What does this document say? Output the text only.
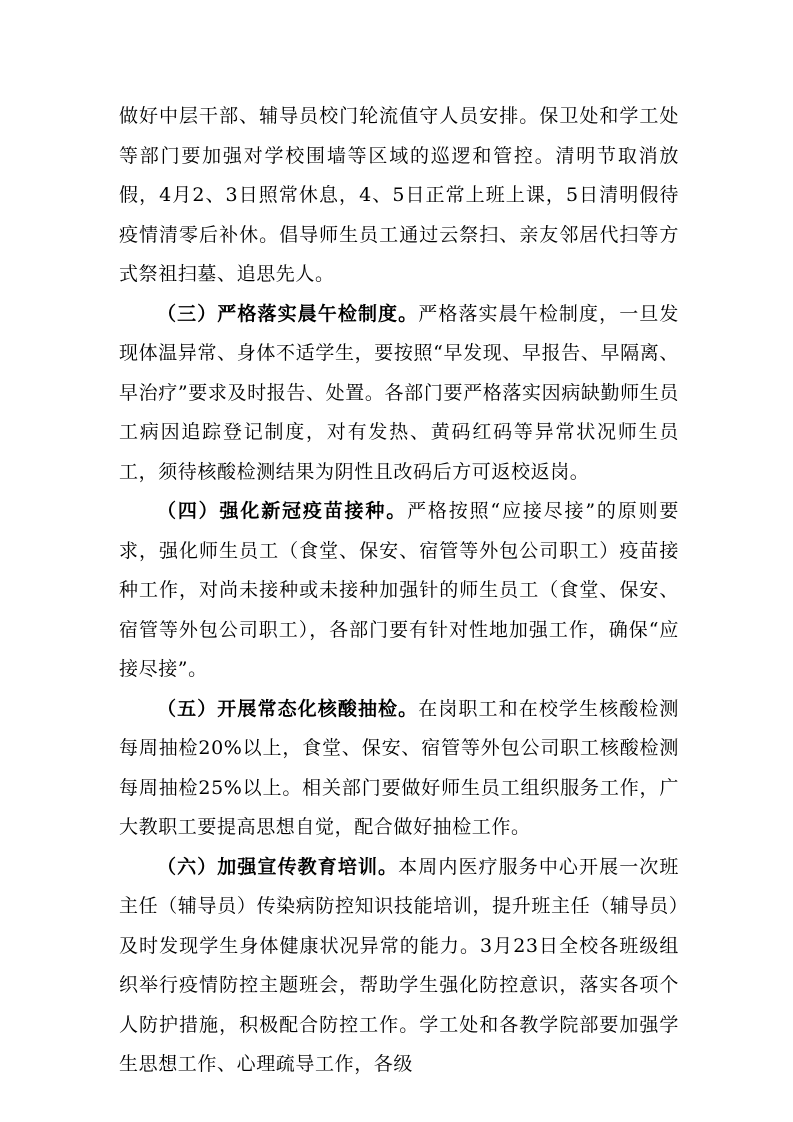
做好中层干部、辅导员校门轮流值守人员安排。保卫处和学工处等部门要加强对学校围墙等区域的巡逻和管控。清明节取消放假，4月2、3日照常休息，4、5日正常上班上课，5日清明假待疫情清零后补休。倡导师生员工通过云祭扫、亲友邻居代扫等方式祭祖扫墓、追思先人。

（三）严格落实晨午检制度。严格落实晨午检制度，一旦发现体温异常、身体不适学生，要按照“早发现、早报告、早隔离、早治疗”要求及时报告、处置。各部门要严格落实因病缺勤师生员工病因追踪登记制度，对有发热、黄码红码等异常状况师生员工，须待核酸检测结果为阴性且改码后方可返校返岗。

（四）强化新冠疫苗接种。严格按照“应接尽接”的原则要求，强化师生员工（食堂、保安、宿管等外包公司职工）疫苗接种工作，对尚未接种或未接种加强针的师生员工（食堂、保安、宿管等外包公司职工），各部门要有针对性地加强工作，确保“应接尽接”。

（五）开展常态化核酸抽检。在岗职工和在校学生核酸检测每周抽检20%以上，食堂、保安、宿管等外包公司职工核酸检测每周抽检25%以上。相关部门要做好师生员工组织服务工作，广大教职工要提高思想自觉，配合做好抽检工作。

（六）加强宣传教育培训。本周内医疗服务中心开展一次班主任（辅导员）传染病防控知识技能培训，提升班主任（辅导员）及时发现学生身体健康状况异常的能力。3月23日全校各班级组织举行疫情防控主题班会，帮助学生强化防控意识，落实各项个人防护措施，积极配合防控工作。学工处和各教学院部要加强学生思想工作、心理疏导工作，各级
